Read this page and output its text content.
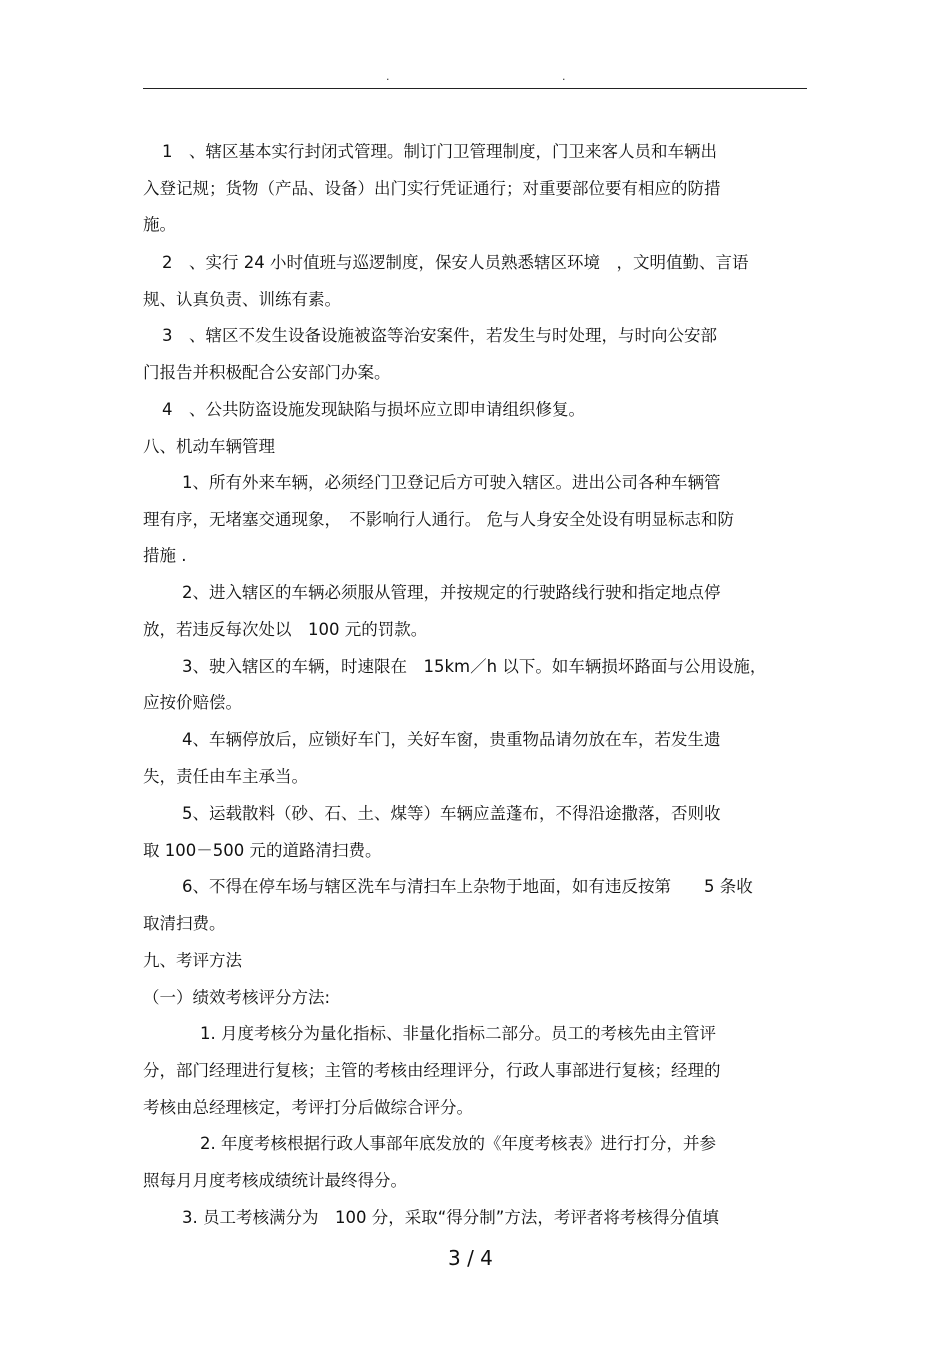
.	.
1　、辖区基本实行封闭式管理。制订门卫管理制度，门卫来客人员和车辆出
入登记规；货物（产品、设备）出门实行凭证通行；对重要部位要有相应的防措
施。
2　、实行 24 小时值班与巡逻制度，保安人员熟悉辖区环境　，文明值勤、言语
规、认真负责、训练有素。
3　、辖区不发生设备设施被盗等治安案件，若发生与时处理，与时向公安部
门报告并积极配合公安部门办案。
4　、公共防盗设施发现缺陷与损坏应立即申请组织修复。
八、机动车辆管理
1、所有外来车辆，必须经门卫登记后方可驶入辖区。进出公司各种车辆管
理有序，无堵塞交通现象，　不影响行人通行。 危与人身安全处设有明显标志和防
措施 .
2、进入辖区的车辆必须服从管理，并按规定的行驶路线行驶和指定地点停
放，若违反每次处以　100 元的罚款。
3、驶入辖区的车辆，时速限在　15km／h 以下。如车辆损坏路面与公用设施，
应按价赔偿。
4、车辆停放后，应锁好车门，关好车窗，贵重物品请勿放在车，若发生遗
失，责任由车主承当。
5、运载散料（砂、石、土、煤等）车辆应盖蓬布，不得沿途撒落，否则收
取 100－500 元的道路清扫费。
6、不得在停车场与辖区洗车与清扫车上杂物于地面，如有违反按第　　5 条收
取清扫费。
九、考评方法
（一）绩效考核评分方法:
1. 月度考核分为量化指标、非量化指标二部分。员工的考核先由主管评
分，部门经理进行复核；主管的考核由经理评分，行政人事部进行复核；经理的
考核由总经理核定，考评打分后做综合评分。
2. 年度考核根据行政人事部年底发放的《年度考核表》进行打分，并参
照每月月度考核成绩统计最终得分。
3. 员工考核满分为　100 分，采取“得分制”方法，考评者将考核得分值填
3 / 4
